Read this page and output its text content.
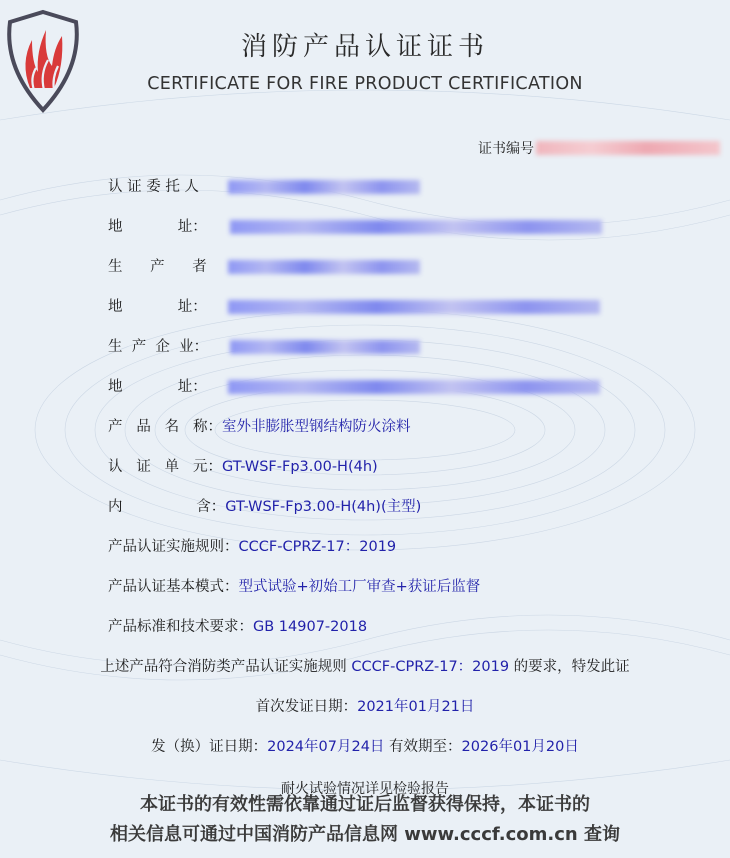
消防产品认证证书
CERTIFICATE FOR FIRE PRODUCT CERTIFICATION
证书编号
认 证 委 托 人
地            址：
生      产      者
地            址：
生  产  企  业：
地            址：
产   品   名   称：室外非膨胀型钢结构防火涂料
认   证   单   元：GT-WSF-Fp3.00-H(4h)
内                含：GT-WSF-Fp3.00-H(4h)(主型)
产品认证实施规则：CCCF-CPRZ-17：2019
产品认证基本模式：型式试验+初始工厂审查+获证后监督
产品标准和技术要求：GB 14907-2018
上述产品符合消防类产品认证实施规则 CCCF-CPRZ-17：2019 的要求，特发此证
首次发证日期：2021年01月21日
发（换）证日期：2024年07月24日 有效期至：2026年01月20日
耐火试验情况详见检验报告
本证书的有效性需依靠通过证后监督获得保持，本证书的
相关信息可通过中国消防产品信息网 www.cccf.com.cn 查询
